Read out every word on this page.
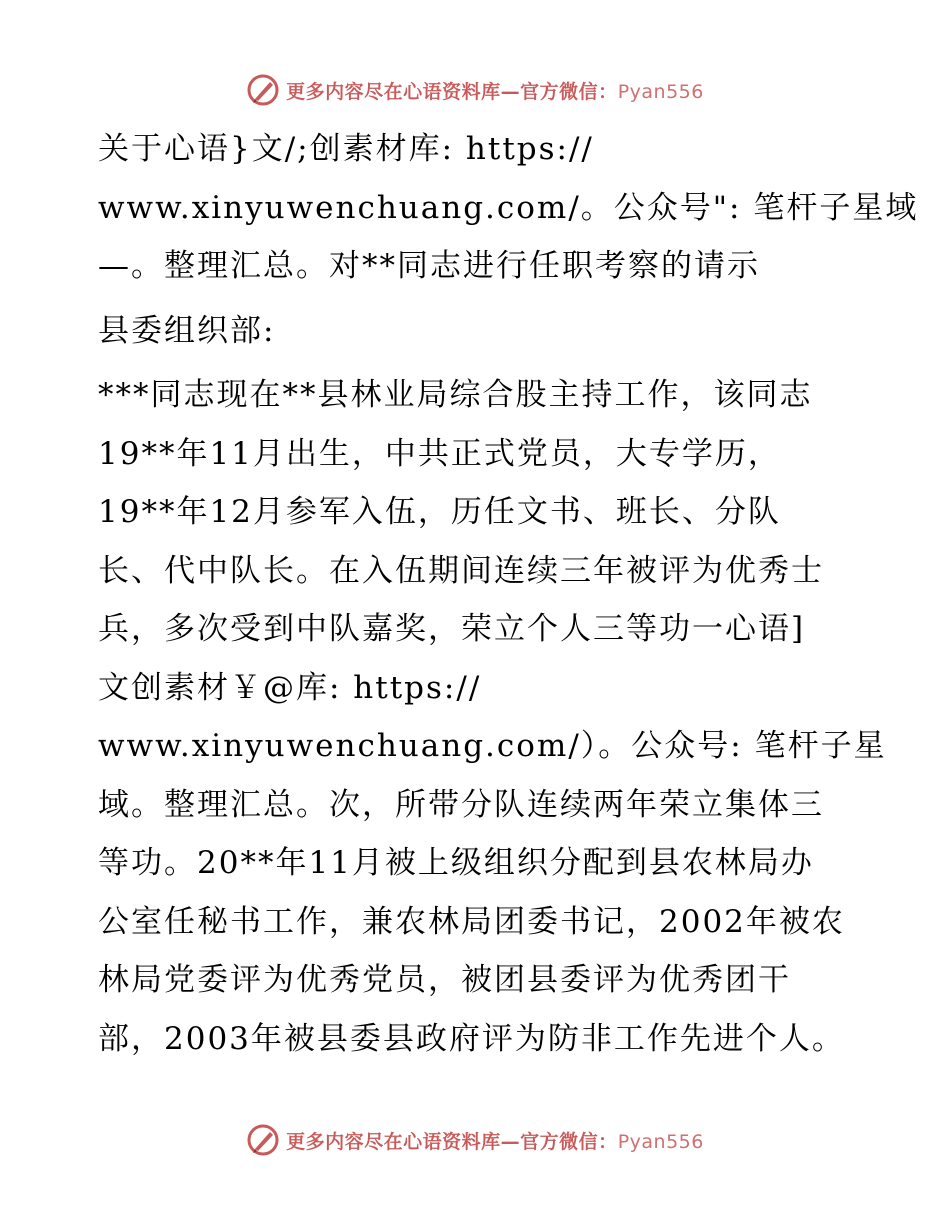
更多内容尽在心语资料库—官方微信：Pyan556
关于心语}文/;创素材库: https://
www.xinyuwenchuang.com/。公众号": 笔杆子星域
—。整理汇总。对**同志进行任职考察的请示
县委组织部:
***同志现在**县林业局综合股主持工作，该同志
19**年11月出生，中共正式党员，大专学历，
19**年12月参军入伍，历任文书、班长、分队
长、代中队长。在入伍期间连续三年被评为优秀士
兵，多次受到中队嘉奖，荣立个人三等功一心语]
文创素材￥@库: https://
www.xinyuwenchuang.com/）。公众号: 笔杆子星
域。整理汇总。次，所带分队连续两年荣立集体三
等功。20**年11月被上级组织分配到县农林局办
公室任秘书工作，兼农林局团委书记，2002年被农
林局党委评为优秀党员，被团县委评为优秀团干
部，2003年被县委县政府评为防非工作先进个人。
更多内容尽在心语资料库—官方微信：Pyan556
